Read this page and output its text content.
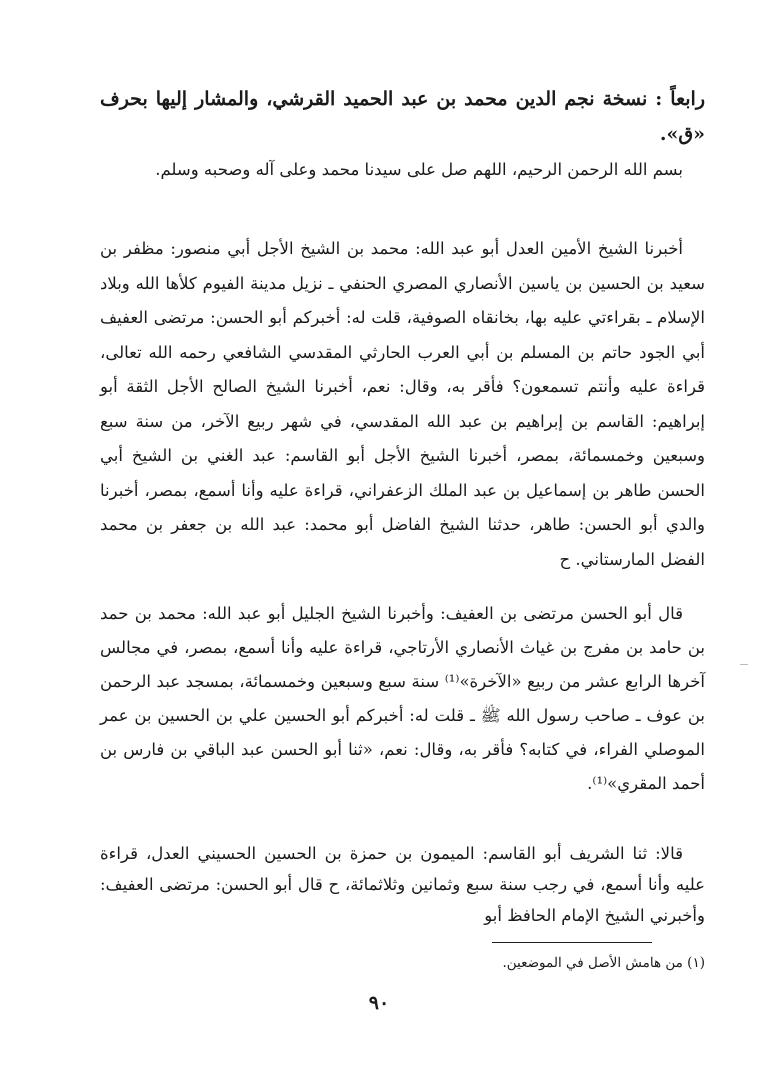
رابعاً : نسخة نجم الدين محمد بن عبد الحميد القرشي، والمشار إليها بحرف «ق».

بسم الله الرحمن الرحيم، اللهم صل على سيدنا محمد وعلى آله وصحبه وسلم.

أخبرنا الشيخ الأمين العدل أبو عبد الله: محمد بن الشيخ الأجل أبي منصور: مظفر بن سعيد بن الحسين بن ياسين الأنصاري المصري الحنفي ـ نزيل مدينة الفيوم كلأها الله وبلاد الإسلام ـ بقراءتي عليه بها، بخانقاه الصوفية، قلت له: أخبركم أبو الحسن: مرتضى العفيف أبي الجود حاتم بن المسلم بن أبي العرب الحارثي المقدسي الشافعي رحمه الله تعالى، قراءة عليه وأنتم تسمعون؟ فأقر به، وقال: نعم، أخبرنا الشيخ الصالح الأجل الثقة أبو إبراهيم: القاسم بن إبراهيم بن عبد الله المقدسي، في شهر ربيع الآخر، من سنة سبع وسبعين وخمسمائة، بمصر، أخبرنا الشيخ الأجل أبو القاسم: عبد الغني بن الشيخ أبي الحسن طاهر بن إسماعيل بن عبد الملك الزعفراني، قراءة عليه وأنا أسمع، بمصر، أخبرنا والدي أبو الحسن: طاهر، حدثنا الشيخ الفاضل أبو محمد: عبد الله بن جعفر بن محمد الفضل المارستاني. ح

قال أبو الحسن مرتضى بن العفيف: وأخبرنا الشيخ الجليل أبو عبد الله: محمد بن حمد بن حامد بن مفرج بن غياث الأنصاري الأرتاجي، قراءة عليه وأنا أسمع، بمصر، في مجالس آخرها الرابع عشر من ربيع «الآخرة»⁽¹⁾ سنة سبع وسبعين وخمسمائة، بمسجد عبد الرحمن بن عوف ـ صاحب رسول الله ﷺ ـ قلت له: أخبركم أبو الحسين علي بن الحسين بن عمر الموصلي الفراء، في كتابه؟ فأقر به، وقال: نعم، «ثنا أبو الحسن عبد الباقي بن فارس بن أحمد المقري»⁽¹⁾.

قالا: ثنا الشريف أبو القاسم: الميمون بن حمزة بن الحسين الحسيني العدل، قراءة عليه وأنا أسمع، في رجب سنة سبع وثمانين وثلاثمائة، ح قال أبو الحسن: مرتضى العفيف: وأخبرني الشيخ الإمام الحافظ أبو

(١) من هامش الأصل في الموضعين.
٩٠
